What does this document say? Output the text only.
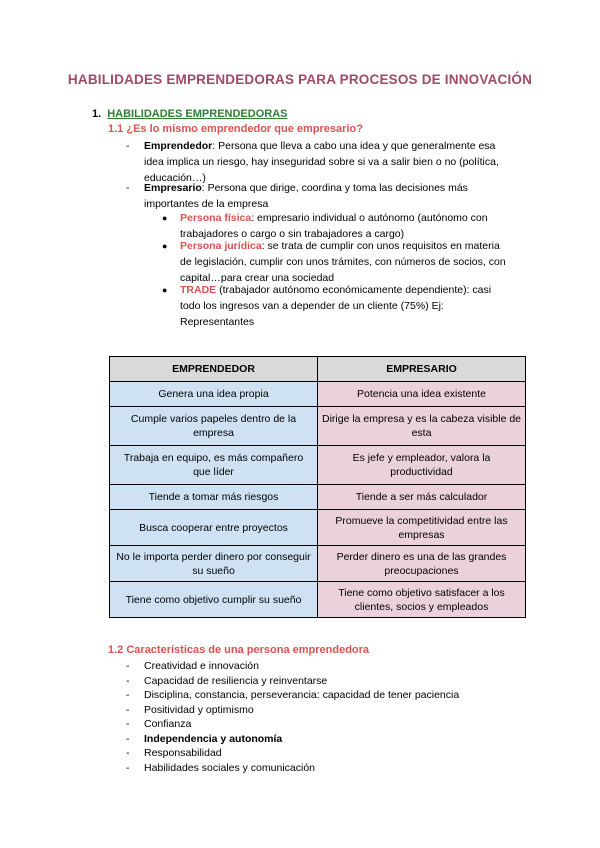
HABILIDADES EMPRENDEDORAS PARA PROCESOS DE INNOVACIÓN
1. HABILIDADES EMPRENDEDORAS
1.1 ¿Es lo mismo emprendedor que empresario?
- Emprendedor: Persona que lleva a cabo una idea y que generalmente esa idea implica un riesgo, hay inseguridad sobre si va a salir bien o no (política, educación…)
- Empresario: Persona que dirige, coordina y toma las decisiones más importantes de la empresa
● Persona física: empresario individual o autónomo (autónomo con trabajadores o cargo o sin trabajadores a cargo)
● Persona jurídica: se trata de cumplir con unos requisitos en materia de legislación, cumplir con unos trámites, con números de socios, con capital…para crear una sociedad
● TRADE (trabajador autónomo económicamente dependiente): casi todo los ingresos van a depender de un cliente (75%) Ej: Representantes
EMPRENDEDOR	EMPRESARIO
Genera una idea propia	Potencia una idea existente
Cumple varios papeles dentro de la empresa	Dirige la empresa y es la cabeza visible de esta
Trabaja en equipo, es más compañero que líder	Es jefe y empleador, valora la productividad
Tiende a tomar más riesgos	Tiende a ser más calculador
Busca cooperar entre proyectos	Promueve la competitividad entre las empresas
No le importa perder dinero por conseguir su sueño	Perder dinero es una de las grandes preocupaciones
Tiene como objetivo cumplir su sueño	Tiene como objetivo satisfacer a los clientes, socios y empleados
1.2 Características de una persona emprendedora
- Creatividad e innovación
- Capacidad de resiliencia y reinventarse
- Disciplina, constancia, perseverancia: capacidad de tener paciencia
- Positividad y optimismo
- Confianza
- Independencia y autonomía
- Responsabilidad
- Habilidades sociales y comunicación
